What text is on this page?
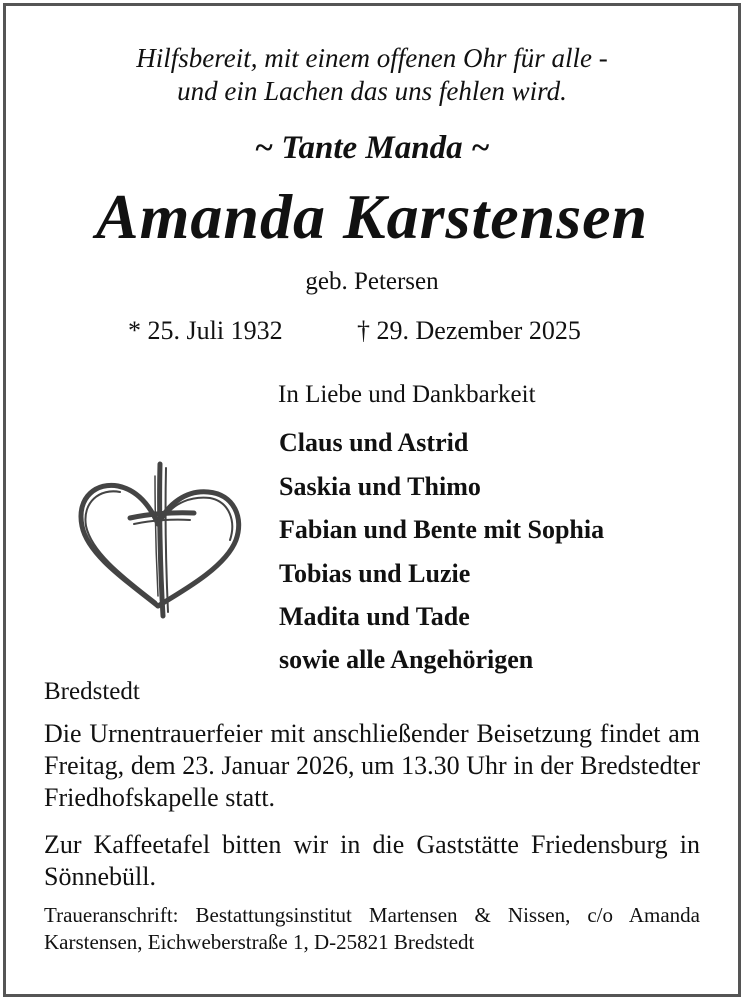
Hilfsbereit, mit einem offenen Ohr für alle -
und ein Lachen das uns fehlen wird.
~ Tante Manda ~
Amanda Karstensen
geb. Petersen
* 25. Juli 1932	† 29. Dezember 2025
In Liebe und Dankbarkeit
Claus und Astrid
Saskia und Thimo
Fabian und Bente mit Sophia
Tobias und Luzie
Madita und Tade
sowie alle Angehörigen
Bredstedt
Die Urnentrauerfeier mit anschließender Beisetzung findet am Freitag, dem 23. Januar 2026, um 13.30 Uhr in der Bredstedter Friedhofskapelle statt.
Zur Kaffeetafel bitten wir in die Gaststätte Friedensburg in Sönnebüll.
Traueranschrift: Bestattungsinstitut Martensen & Nissen, c/o Amanda Karstensen, Eichweberstraße 1, D-25821 Bredstedt
